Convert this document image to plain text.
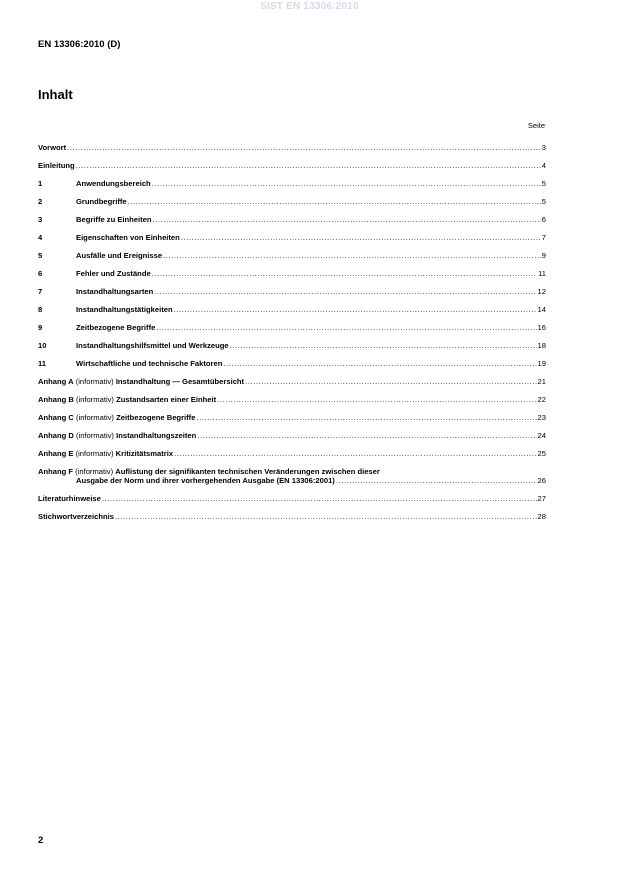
SIST EN 13306:2010
EN 13306:2010 (D)
Inhalt
Seite
Vorwort .....	3
Einleitung .....	4
1	Anwendungsbereich .....	5
2	Grundbegriffe .....	5
3	Begriffe zu Einheiten .....	6
4	Eigenschaften von Einheiten .....	7
5	Ausfälle und Ereignisse .....	9
6	Fehler und Zustände .....	11
7	Instandhaltungsarten .....	12
8	Instandhaltungstätigkeiten .....	14
9	Zeitbezogene Begriffe .....	16
10	Instandhaltungshilfsmittel und Werkzeuge .....	18
11	Wirtschaftliche und technische Faktoren .....	19
Anhang A (informativ) Instandhaltung — Gesamtübersicht .....	21
Anhang B (informativ) Zustandsarten einer Einheit .....	22
Anhang C (informativ) Zeitbezogene Begriffe .....	23
Anhang D (informativ) Instandhaltungszeiten .....	24
Anhang E (informativ) Kritizitätsmatrix .....	25
Anhang F (informativ) Auflistung der signifikanten technischen Veränderungen zwischen dieser
Ausgabe der Norm und ihrer vorhergehenden Ausgabe (EN 13306:2001) .....	26
Literaturhinweise .....	27
Stichwortverzeichnis .....	28
2
